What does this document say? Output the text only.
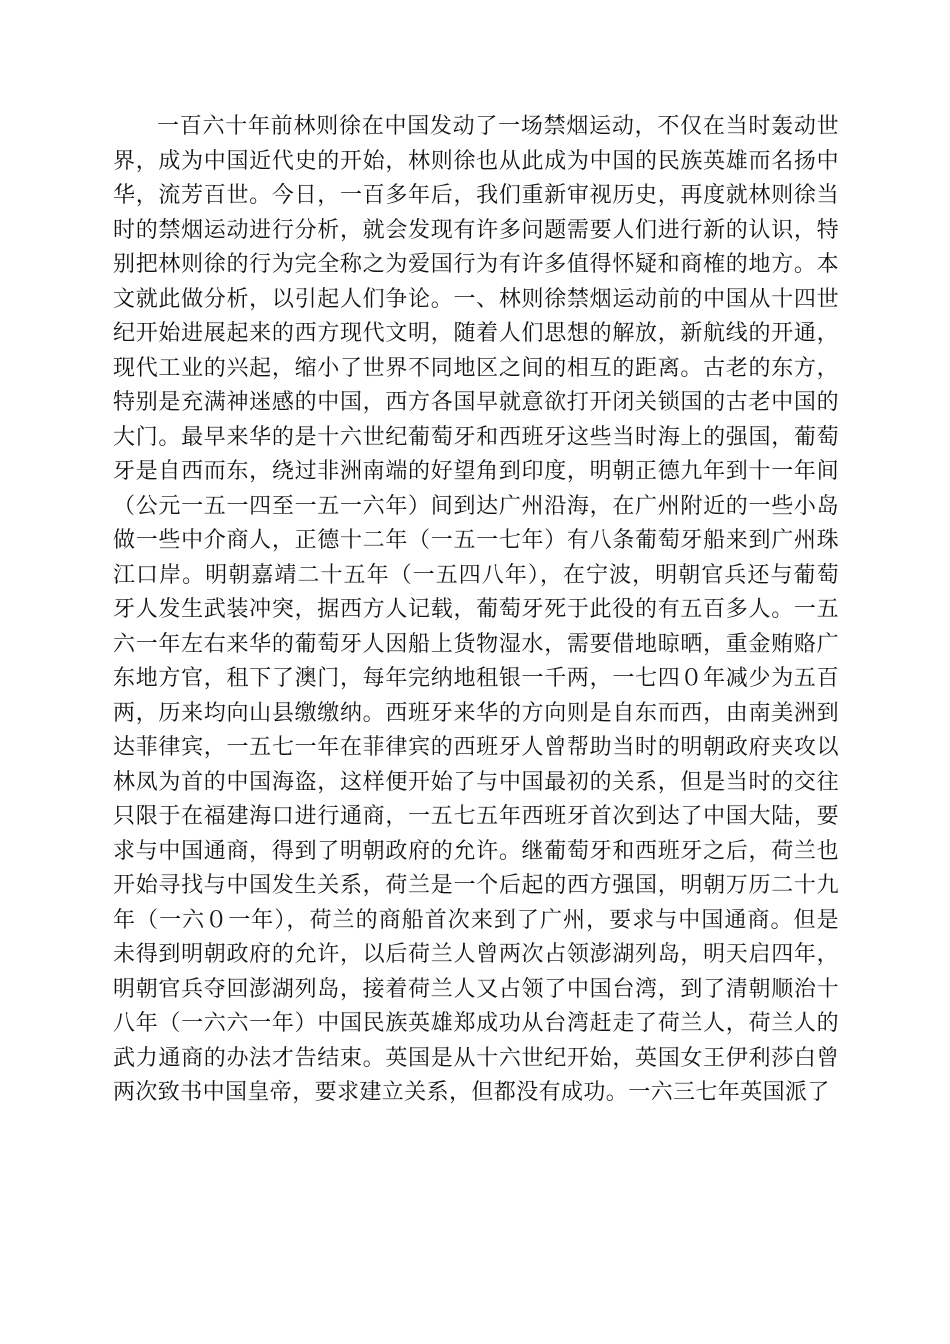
一百六十年前林则徐在中国发动了一场禁烟运动，不仅在当时轰动世界，成为中国近代史的开始，林则徐也从此成为中国的民族英雄而名扬中华，流芳百世。今日，一百多年后，我们重新审视历史，再度就林则徐当时的禁烟运动进行分析，就会发现有许多问题需要人们进行新的认识，特别把林则徐的行为完全称之为爱国行为有许多值得怀疑和商榷的地方。本文就此做分析，以引起人们争论。一、林则徐禁烟运动前的中国从十四世纪开始进展起来的西方现代文明，随着人们思想的解放，新航线的开通，现代工业的兴起，缩小了世界不同地区之间的相互的距离。古老的东方，特别是充满神迷感的中国，西方各国早就意欲打开闭关锁国的古老中国的大门。最早来华的是十六世纪葡萄牙和西班牙这些当时海上的强国，葡萄牙是自西而东，绕过非洲南端的好望角到印度，明朝正德九年到十一年间（公元一五一四至一五一六年）间到达广州沿海，在广州附近的一些小岛做一些中介商人，正德十二年（一五一七年）有八条葡萄牙船来到广州珠江口岸。明朝嘉靖二十五年（一五四八年），在宁波，明朝官兵还与葡萄牙人发生武装冲突，据西方人记载，葡萄牙死于此役的有五百多人。一五六一年左右来华的葡萄牙人因船上货物湿水，需要借地晾晒，重金贿赂广东地方官，租下了澳门，每年完纳地租银一千两，一七四０年减少为五百两，历来均向山县缴缴纳。西班牙来华的方向则是自东而西，由南美洲到达菲律宾，一五七一年在菲律宾的西班牙人曾帮助当时的明朝政府夹攻以林凤为首的中国海盗，这样便开始了与中国最初的关系，但是当时的交往只限于在福建海口进行通商，一五七五年西班牙首次到达了中国大陆，要求与中国通商，得到了明朝政府的允许。继葡萄牙和西班牙之后，荷兰也开始寻找与中国发生关系，荷兰是一个后起的西方强国，明朝万历二十九年（一六０一年），荷兰的商船首次来到了广州，要求与中国通商。但是未得到明朝政府的允许，以后荷兰人曾两次占领澎湖列岛，明天启四年，明朝官兵夺回澎湖列岛，接着荷兰人又占领了中国台湾，到了清朝顺治十八年（一六六一年）中国民族英雄郑成功从台湾赶走了荷兰人，荷兰人的武力通商的办法才告结束。英国是从十六世纪开始，英国女王伊利莎白曾两次致书中国皇帝，要求建立关系，但都没有成功。一六三七年英国派了
